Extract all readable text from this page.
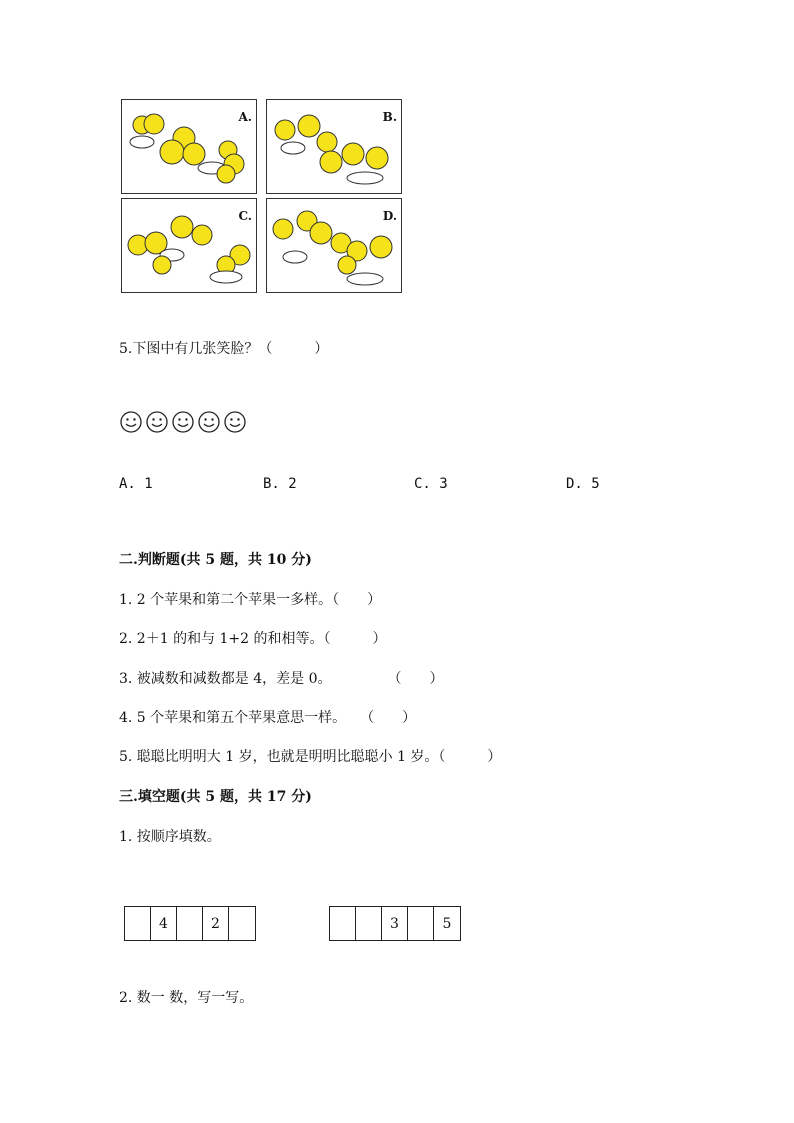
A.	B.
C.	D.
5.下图中有几张笑脸？（　　　）
A. 1	B. 2	C. 3	D. 5
二.判断题(共 5 题，共 10 分)
1. 2 个苹果和第二个苹果一多样。（　　）
2. 2＋1 的和与 1+2 的和相等。（　　　）
3. 被减数和减数都是 4，差是 0。　　　　　（　　）
4. 5 个苹果和第五个苹果意思一样。　　（　　）
5. 聪聪比明明大 1 岁，也就是明明比聪聪小 1 岁。（　　　）
三.填空题(共 5 题，共 17 分)
1. 按顺序填数。
4	2	3	5
2. 数一 数，写一写。
